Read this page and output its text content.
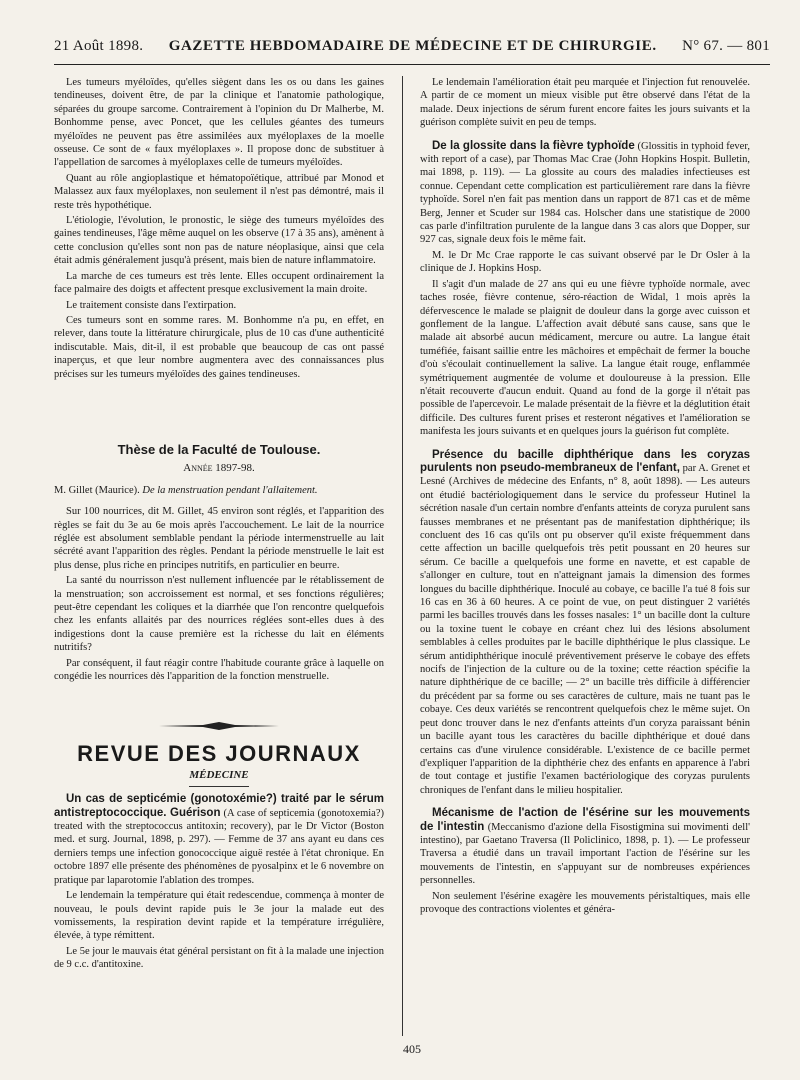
21 Août 1898. GAZETTE HEBDOMADAIRE DE MÉDECINE ET DE CHIRURGIE. N° 67. — 801

Les tumeurs myéloïdes, qu'elles siègent dans les os ou dans les gaines tendineuses, doivent être, de par la clinique et l'anatomie pathologique, séparées du groupe sarcome. Contrairement à l'opinion du Dr Malherbe, M. Bonhomme pense, avec Poncet, que les cellules géantes des tumeurs myéloïdes ne peuvent pas être assimilées aux myéloplaxes de la moelle osseuse. Ce sont de « faux myéloplaxes ». Il propose donc de substituer à l'appellation de sarcomes à myéloplaxes celle de tumeurs myéloïdes.

Quant au rôle angioplastique et hématopoïétique, attribué par Monod et Malassez aux faux myéloplaxes, non seulement il n'est pas démontré, mais il reste très hypothétique.

L'étiologie, l'évolution, le pronostic, le siège des tumeurs myéloïdes des gaines tendineuses, l'âge même auquel on les observe (17 à 35 ans), amènent à cette conclusion qu'elles sont non pas de nature néoplasique, ainsi que cela était admis généralement jusqu'à présent, mais bien de nature inflammatoire.

La marche de ces tumeurs est très lente. Elles occupent ordinairement la face palmaire des doigts et affectent presque exclusivement la main droite.

Le traitement consiste dans l'extirpation.

Ces tumeurs sont en somme rares. M. Bonhomme n'a pu, en effet, en relever, dans toute la littérature chirurgicale, plus de 10 cas d'une authenticité indiscutable. Mais, dit-il, il est probable que beaucoup de cas ont passé inaperçus, et que leur nombre augmentera avec des connaissances plus précises sur les tumeurs myéloïdes des gaines tendineuses.

Thèse de la Faculté de Toulouse.
Année 1897-98.

M. Gillet (Maurice). De la menstruation pendant l'allaitement.

Sur 100 nourrices, dit M. Gillet, 45 environ sont réglés, et l'apparition des règles se fait du 3e au 6e mois après l'accouchement. Le lait de la nourrice réglée est absolument semblable pendant la période intermenstruelle au lait sécrété avant l'apparition des règles. Pendant la période menstruelle le lait est plus dense, plus riche en principes nutritifs, en particulier en beurre.

La santé du nourrisson n'est nullement influencée par le rétablissement de la menstruation; son accroissement est normal, et ses fonctions régulières; peut-être cependant les coliques et la diarrhée que l'on rencontre quelquefois chez les enfants allaités par des nourrices réglées sont-elles dues à des indigestions dont la cause première est la richesse du lait en éléments nutritifs?

Par conséquent, il faut réagir contre l'habitude courante grâce à laquelle on congédie les nourrices dès l'apparition de la fonction menstruelle.

REVUE DES JOURNAUX
MÉDECINE

Un cas de septicémie (gonotoxémie?) traité par le sérum antistreptococcique. Guérison (A case of septicemia (gonotoxemia?) treated with the streptococcus antitoxin; recovery), par le Dr Victor (Boston med. et surg. Journal, 1898, p. 297). — Femme de 37 ans ayant eu dans ces derniers temps une infection gonococcique aiguë restée à l'état chronique. En octobre 1897 elle présente des phénomènes de pyosalpinx et le 6 novembre on pratique par laparotomie l'ablation des trompes.

Le lendemain la température qui était redescendue, commença à monter de nouveau, le pouls devint rapide puis le 3e jour la malade eut des vomissements, la respiration devint rapide et la température irrégulière, élevée, à type rémittent.

Le 5e jour le mauvais état général persistant on fit à la malade une injection de 9 c.c. d'antitoxine.

Le lendemain l'amélioration était peu marquée et l'injection fut renouvelée. A partir de ce moment un mieux visible put être observé dans l'état de la malade. Deux injections de sérum furent encore faites les jours suivants et la guérison complète suivit en peu de temps.

De la glossite dans la fièvre typhoïde (Glossitis in typhoid fever, with report of a case), par Thomas Mac Crae (John Hopkins Hospit. Bulletin, mai 1898, p. 119). — La glossite au cours des maladies infectieuses est connue. Cependant cette complication est particulièrement rare dans la fièvre typhoïde. Sorel n'en fait pas mention dans un rapport de 871 cas et de même Berg, Jenner et Scuder sur 1984 cas. Holscher dans une statistique de 2000 cas parle d'infiltration purulente de la langue dans 3 cas alors que Dopper, sur 927 cas, signale deux fois le même fait.

M. le Dr Mc Crae rapporte le cas suivant observé par le Dr Osler à la clinique de J. Hopkins Hosp.

Il s'agit d'un malade de 27 ans qui eu une fièvre typhoïde normale, avec taches rosée, fièvre contenue, séro-réaction de Widal, 1 mois après la défervescence le malade se plaignit de douleur dans la gorge avec cuisson et gonflement de la langue. L'affection avait débuté sans cause, sans que le malade ait absorbé aucun médicament, mercure ou autre. La langue était tuméfiée, faisant saillie entre les mâchoires et empêchait de fermer la bouche d'où s'écoulait continuellement la salive. La langue était rouge, enflammée symétriquement augmentée de volume et douloureuse à la pression. Elle n'était recouverte d'aucun enduit. Quand au fond de la gorge il n'était pas possible de l'apercevoir. Le malade présentait de la fièvre et la déglutition était difficile. Des cultures furent prises et resteront négatives et l'amélioration se manifesta les jours suivants et en quelques jours la guérison fut complète.

Présence du bacille diphthérique dans les coryzas purulents non pseudo-membraneux de l'enfant, par A. Grenet et Lesné (Archives de médecine des Enfants, n° 8, août 1898). — Les auteurs ont étudié bactériologiquement dans le service du professeur Hutinel la sécrétion nasale d'un certain nombre d'enfants atteints de coryza purulent sans fausses membranes et ne présentant pas de manifestation diphthérique; ils concluent des 16 cas qu'ils ont pu observer qu'il existe fréquemment dans cette affection un bacille quelquefois très petit poussant en 20 heures sur sérum. Ce bacille a quelquefois une forme en navette, et est capable de s'allonger en culture, tout en n'atteignant jamais la dimension des formes longues du bacille diphthérique. Inoculé au cobaye, ce bacille l'a tué 8 fois sur 16 cas en 36 à 60 heures. A ce point de vue, on peut distinguer 2 variétés parmi les bacilles trouvés dans les fosses nasales: 1° un bacille dont la culture ou la toxine tuent le cobaye en créant chez lui des lésions absolument semblables à celles produites par le bacille diphthérique le plus classique. Le sérum antidiphthérique inoculé préventivement préserve le cobaye des effets nocifs de l'injection de la culture ou de la toxine; cette réaction spécifie la nature diphthérique de ce bacille; — 2° un bacille très difficile à différencier du précédent par sa forme ou ses caractères de culture, mais ne tuant pas le cobaye. Ces deux variétés se rencontrent quelquefois chez le même sujet. On peut donc trouver dans le nez d'enfants atteints d'un coryza paraissant bénin un bacille ayant tous les caractères du bacille diphthérique et doué dans certains cas d'une virulence considérable. L'existence de ce bacille permet d'expliquer l'apparition de la diphthérie chez des enfants en apparence à l'abri de tout contage et justifie l'examen bactériologique des coryzas purulents chroniques de l'enfant dans le milieu hospitalier.

Mécanisme de l'action de l'ésérine sur les mouvements de l'intestin (Meccanismo d'azione della Fisostigmina sui movimenti dell' intestino), par Gaetano Traversa (Il Policlinico, 1898, p. 1). — Le professeur Traversa a étudié dans un travail important l'action de l'ésérine sur les mouvements de l'intestin, en s'appuyant sur de nombreuses expériences personnelles.

Non seulement l'ésérine exagère les mouvements péristaltiques, mais elle provoque des contractions violentes et généra-

405
